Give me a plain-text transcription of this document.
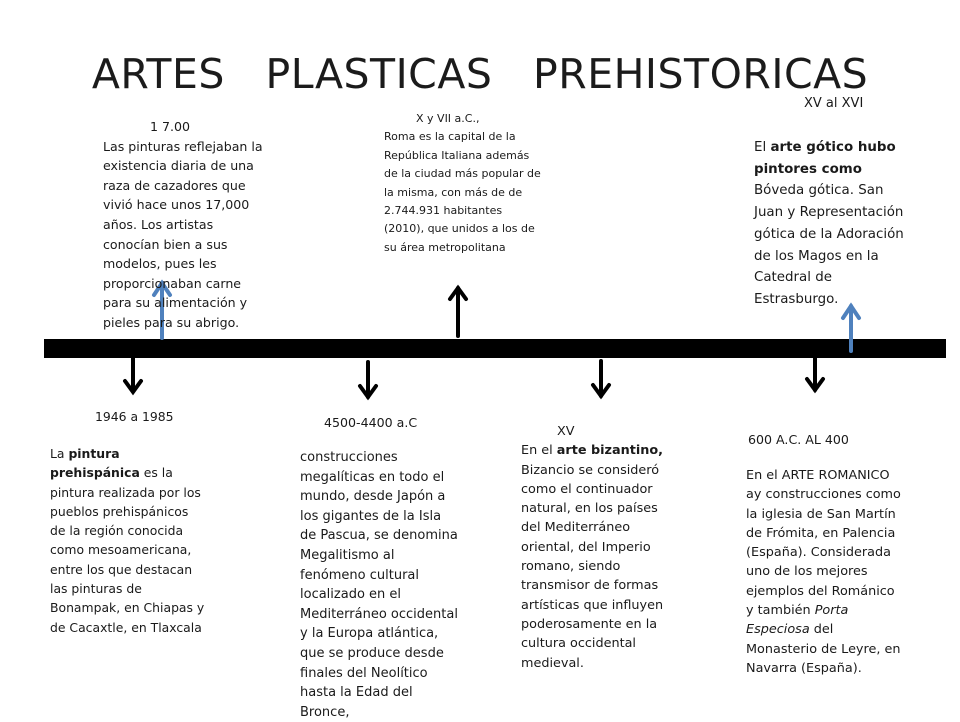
ARTES   PLASTICAS   PREHISTORICAS
1 7.00
Las pinturas reflejaban la existencia diaria de una raza de cazadores que vivió hace unos 17,000 años. Los artistas conocían bien a sus modelos, pues les proporcionaban carne para su alimentación y pieles para su abrigo.
X y VII a.C.,
Roma es la capital de la República Italiana además de la ciudad más popular de la misma, con más de de 2.744.931 habitantes (2010), que unidos a los de su área metropolitana
XV al XVI
El arte gótico hubo pintores como Bóveda gótica. San Juan y Representación gótica de la Adoración de los Magos en la Catedral de Estrasburgo.
1946 a 1985
La pintura prehispánica es la pintura realizada por los pueblos prehispánicos de la región conocida como mesoamericana, entre los que destacan las pinturas de Bonampak, en Chiapas y de Cacaxtle, en Tlaxcala
4500-4400 a.C
construcciones megalíticas en todo el mundo, desde Japón a los gigantes de la Isla de Pascua, se denomina Megalitismo al fenómeno cultural localizado en el Mediterráneo occidental y la Europa atlántica, que se produce desde finales del Neolítico hasta la Edad del Bronce,
XV
En el arte bizantino, Bizancio se consideró como el continuador natural, en los países del Mediterráneo oriental, del Imperio romano, siendo transmisor de formas artísticas que influyen poderosamente en la cultura occidental medieval.
600 A.C. AL 400
En el ARTE ROMANICO ay construcciones como la iglesia de San Martín de Frómita, en Palencia (España). Considerada uno de los mejores ejemplos del Románico y también Porta Especiosa del Monasterio de Leyre, en Navarra (España).
